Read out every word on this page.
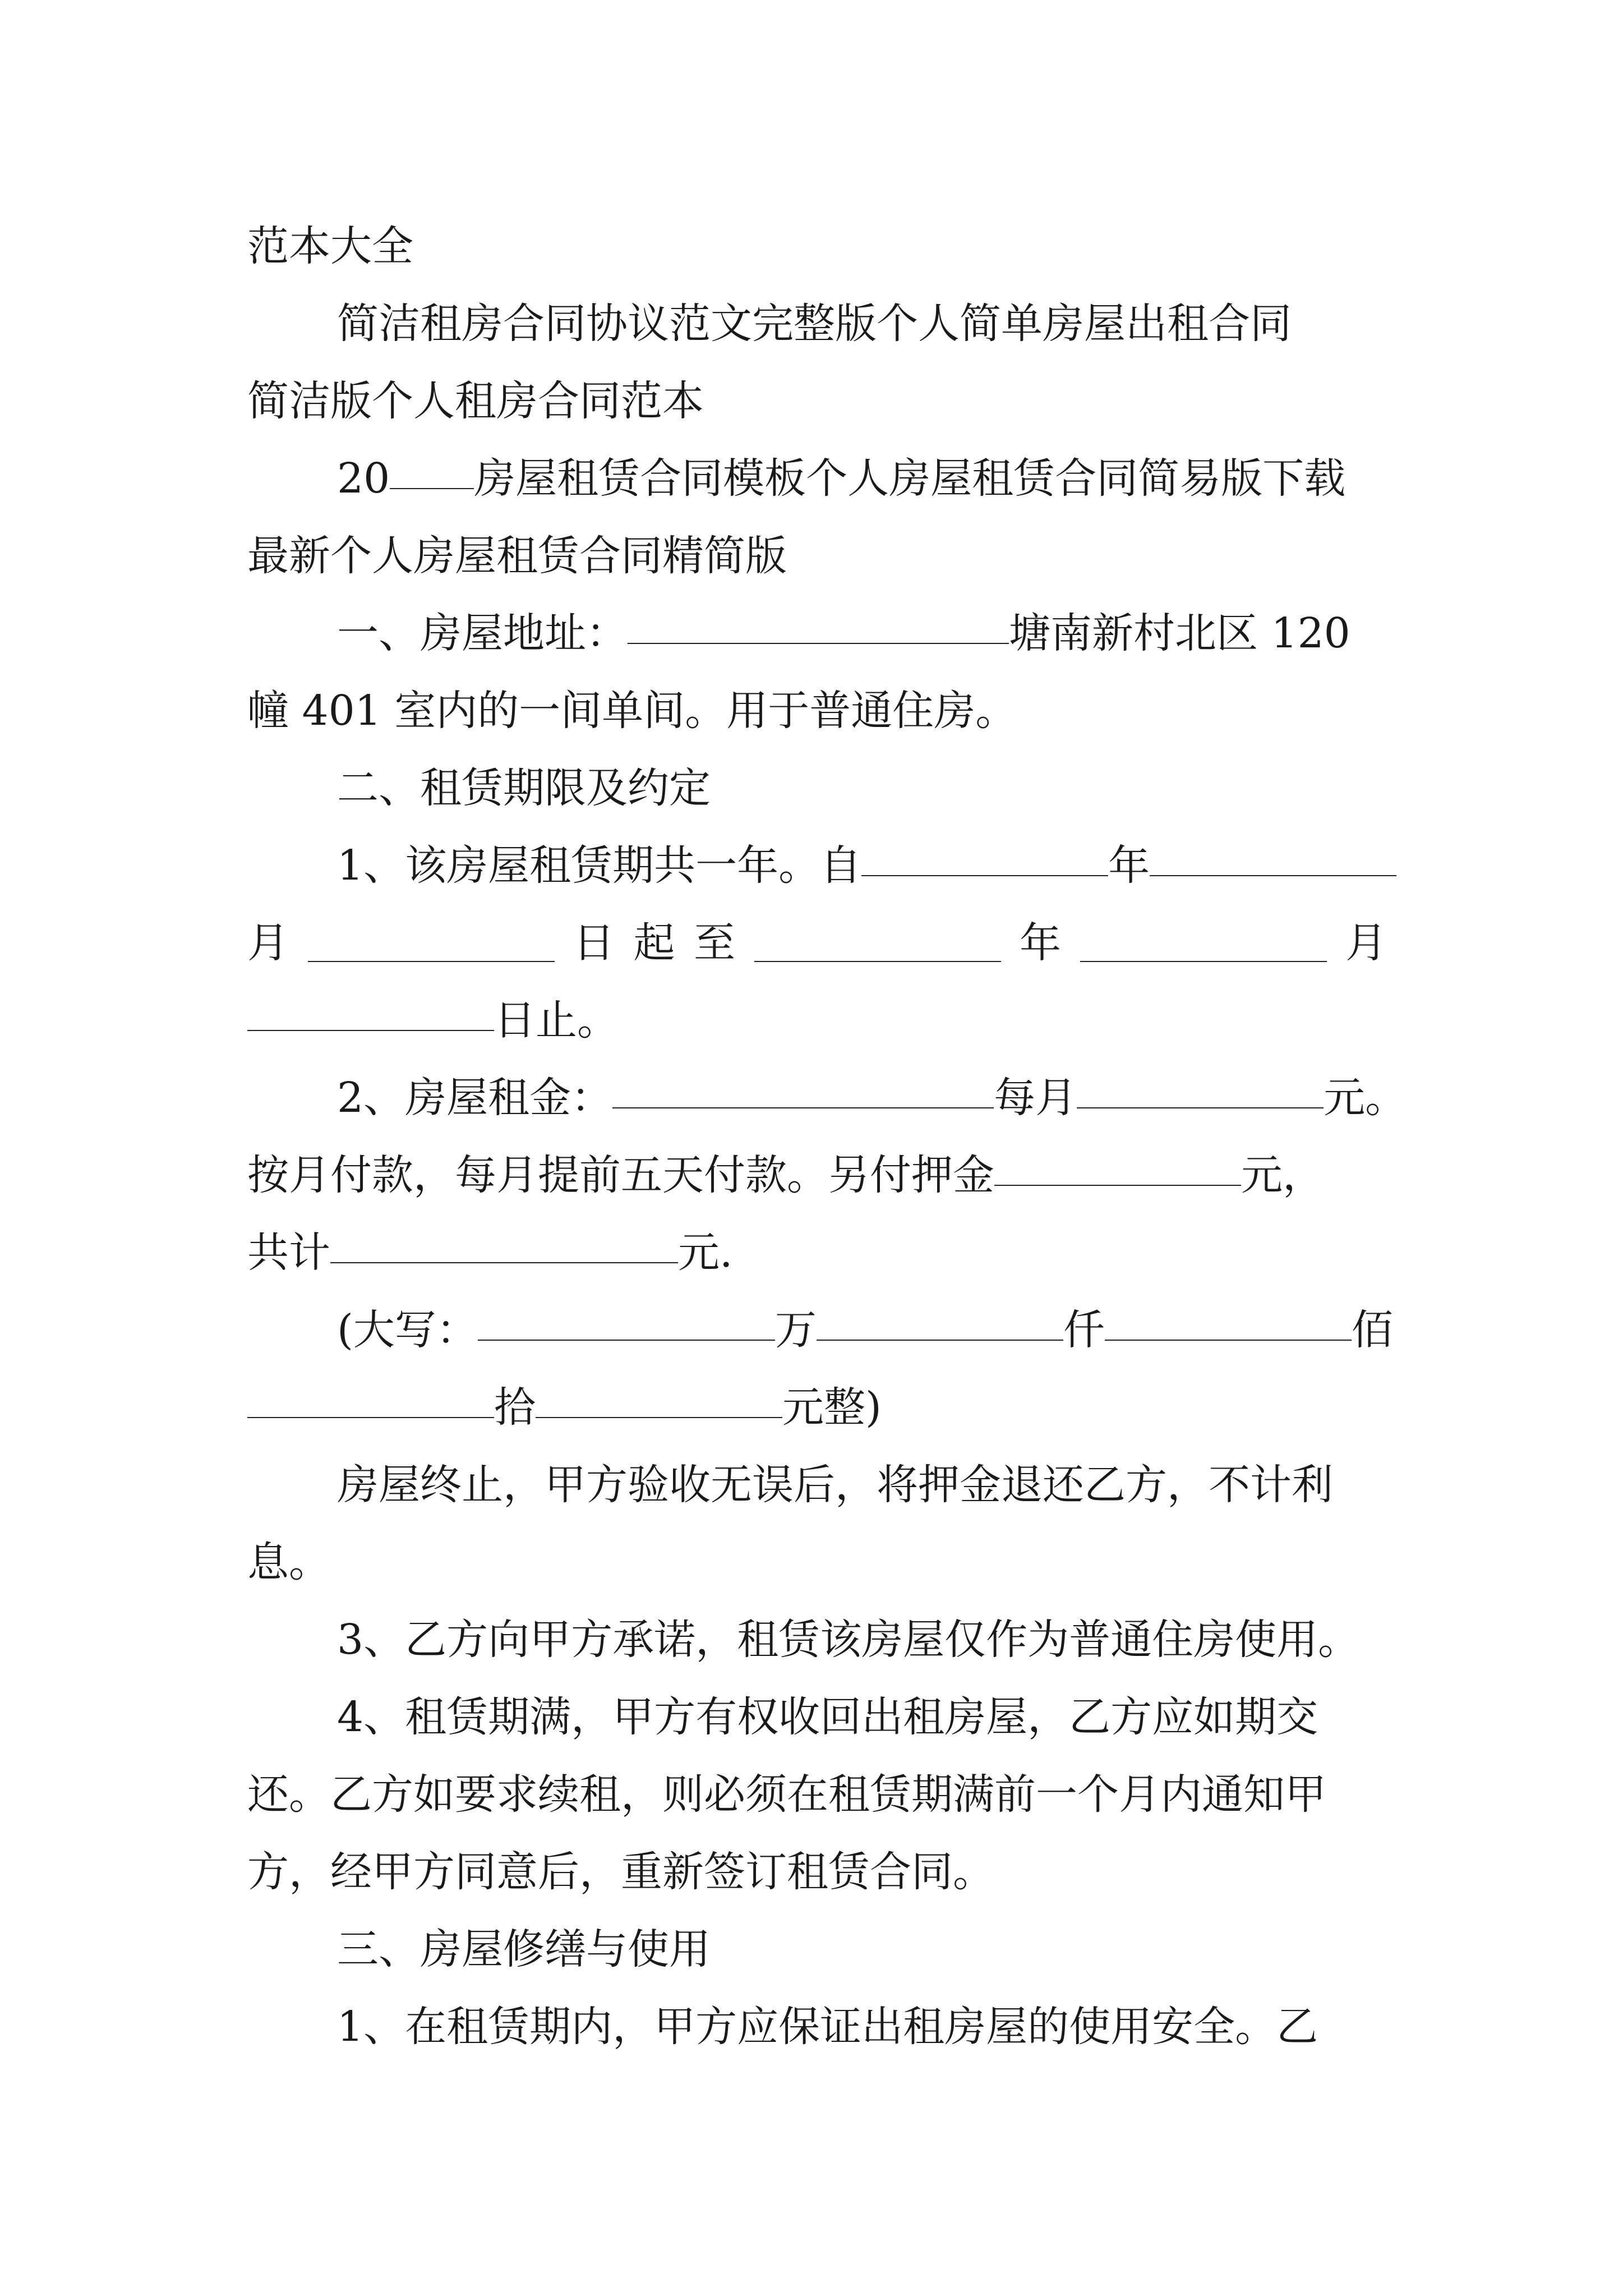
范本大全
简洁租房合同协议范文完整版个人简单房屋出租合同
简洁版个人租房合同范本
20 房屋租赁合同模板个人房屋租赁合同简易版下载
最新个人房屋租赁合同精简版
一、房屋地址：	塘南新村北区 120
幢 401 室内的一间单间。用于普通住房。
二、租赁期限及约定
1、该房屋租赁期共一年。自	年
月	日 起 至	年	月
日止。
2、房屋租金：	每月	元。
按月付款，每月提前五天付款。另付押金	元，
共计	元.
(大写：	万	仟	佰
拾	元整)
房屋终止，甲方验收无误后，将押金退还乙方，不计利
息。
3、乙方向甲方承诺，租赁该房屋仅作为普通住房使用。
4、租赁期满，甲方有权收回出租房屋，乙方应如期交
还。乙方如要求续租，则必须在租赁期满前一个月内通知甲
方，经甲方同意后，重新签订租赁合同。
三、房屋修缮与使用
1、在租赁期内，甲方应保证出租房屋的使用安全。乙
